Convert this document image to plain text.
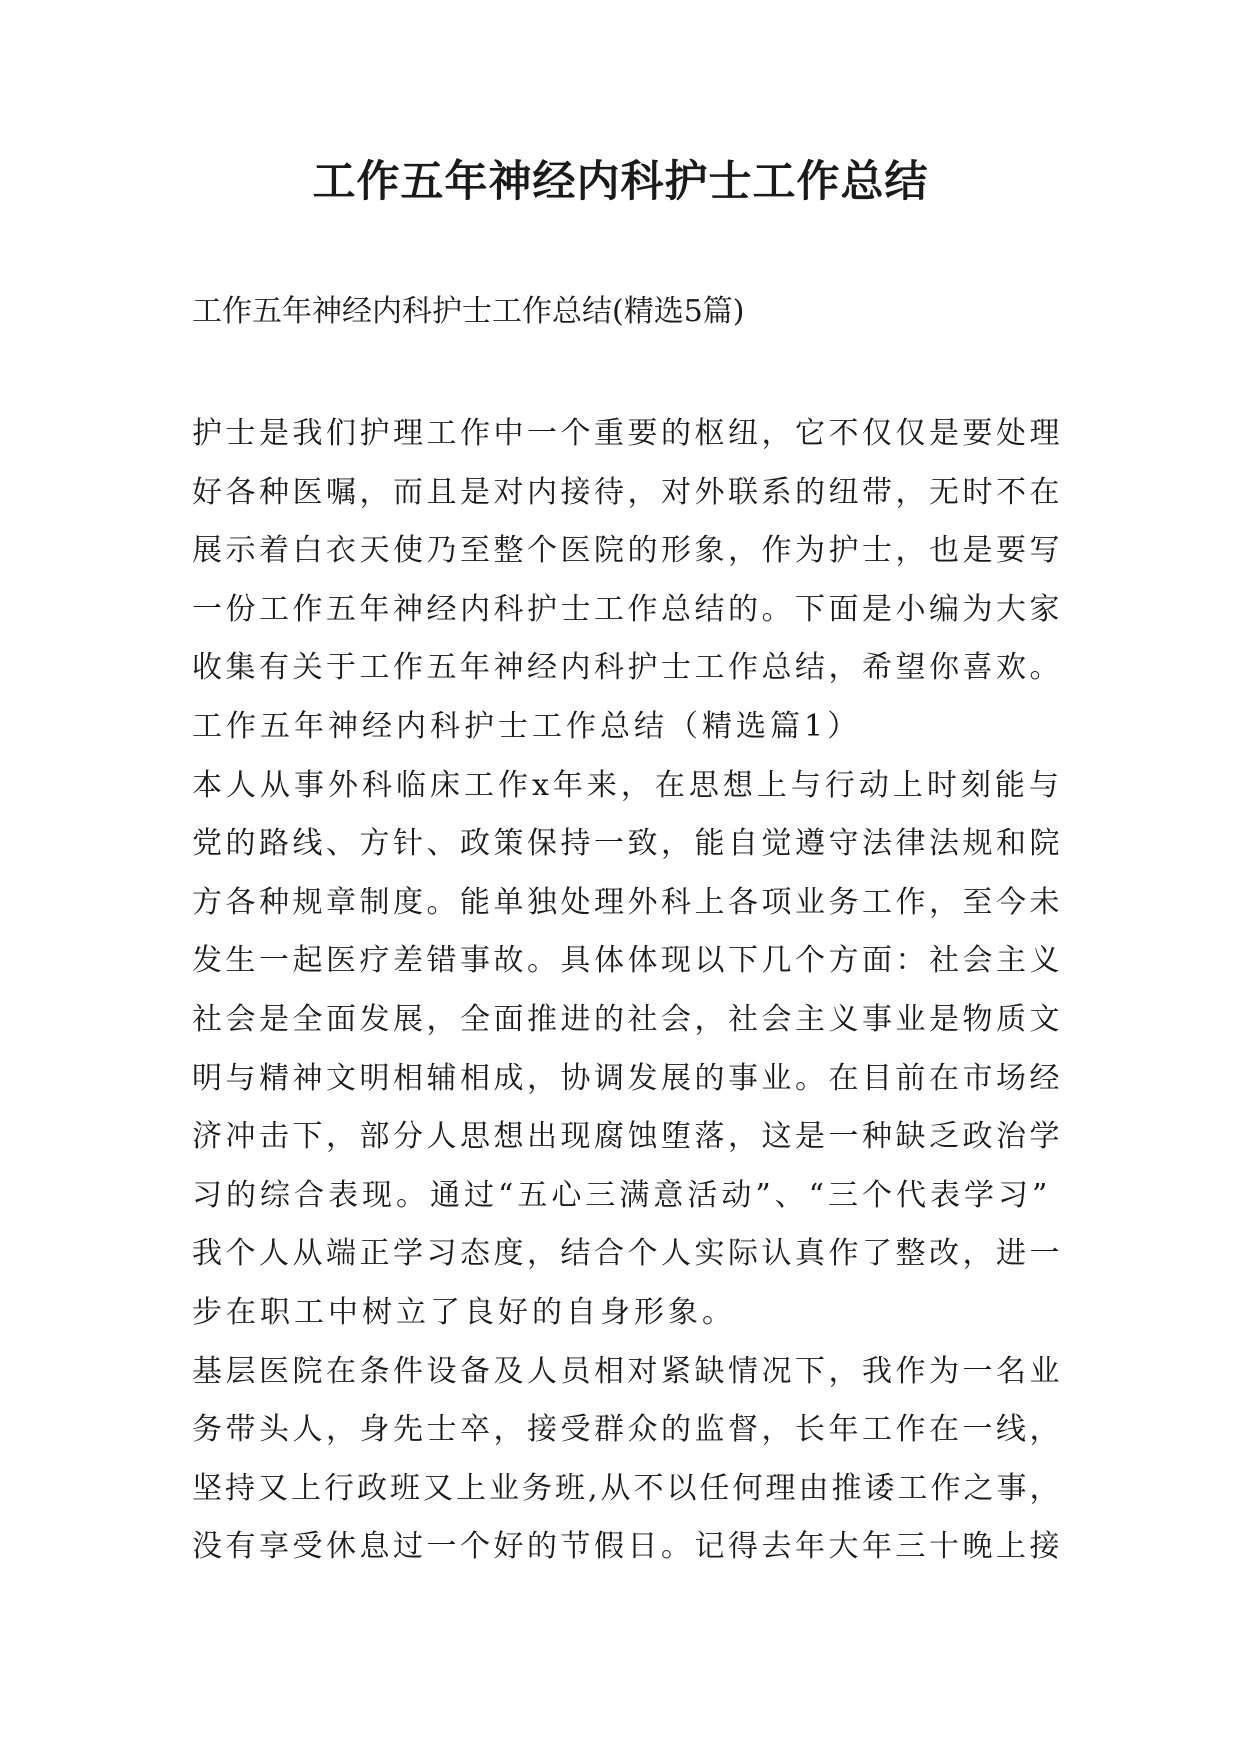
工作五年神经内科护士工作总结
工作五年神经内科护士工作总结(精选5篇)
护士是我们护理工作中一个重要的枢纽，它不仅仅是要处理
好各种医嘱，而且是对内接待，对外联系的纽带，无时不在
展示着白衣天使乃至整个医院的形象，作为护士，也是要写
一份工作五年神经内科护士工作总结的。下面是小编为大家
收集有关于工作五年神经内科护士工作总结，希望你喜欢。
工作五年神经内科护士工作总结（精选篇1）
本人从事外科临床工作x年来，在思想上与行动上时刻能与
党的路线、方针、政策保持一致，能自觉遵守法律法规和院
方各种规章制度。能单独处理外科上各项业务工作，至今未
发生一起医疗差错事故。具体体现以下几个方面：社会主义
社会是全面发展，全面推进的社会，社会主义事业是物质文
明与精神文明相辅相成，协调发展的事业。在目前在市场经
济冲击下，部分人思想出现腐蚀堕落，这是一种缺乏政治学
习的综合表现。通过“五心三满意活动”、“三个代表学习”
我个人从端正学习态度，结合个人实际认真作了整改，进一
步在职工中树立了良好的自身形象。
基层医院在条件设备及人员相对紧缺情况下，我作为一名业
务带头人，身先士卒，接受群众的监督，长年工作在一线，
坚持又上行政班又上业务班,从不以任何理由推诿工作之事，
没有享受休息过一个好的节假日。记得去年大年三十晚上接
